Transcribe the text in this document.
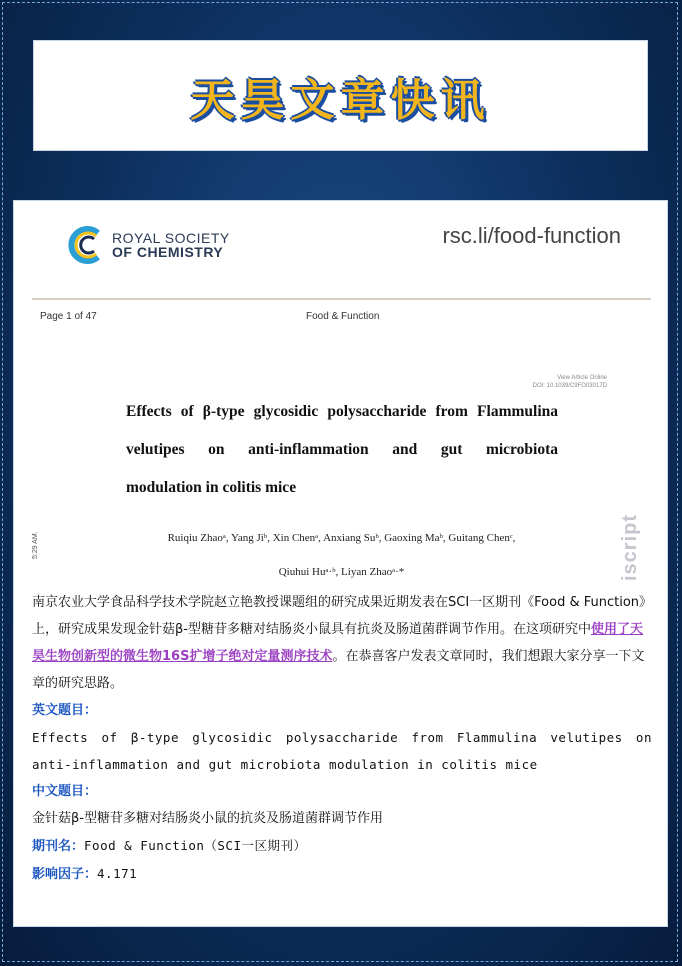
天昊文章快讯
ROYAL SOCIETY
OF CHEMISTRY
rsc.li/food-function
Page 1 of 47	Food & Function
View Article Online
DOI: 10.1039/C9FO03017D
Effects of β-type glycosidic polysaccharide from Flammulina
velutipes on anti-inflammation and gut microbiota
modulation in colitis mice
Ruiqiu Zhaoᵃ, Yang Jiᵇ, Xin Chenᵃ, Anxiang Suᵇ, Gaoxing Maᵇ, Guitang Chenᶜ,
Qiuhui Huᵃ·ᵇ, Liyan Zhaoᵃ·*
5:29 AM.	iscript

南京农业大学食品科学技术学院赵立艳教授课题组的研究成果近期发表在SCI一区期刊《Food & Function》上，研究成果发现金针菇β-型糖苷多糖对结肠炎小鼠具有抗炎及肠道菌群调节作用。在这项研究中使用了天昊生物创新型的微生物16S扩增子绝对定量测序技术。在恭喜客户发表文章同时，我们想跟大家分享一下文章的研究思路。

英文题目：

Effects of β-type glycosidic polysaccharide from Flammulina velutipes on anti-inflammation and gut microbiota modulation in colitis mice

中文题目：

金针菇β-型糖苷多糖对结肠炎小鼠的抗炎及肠道菌群调节作用

期刊名：Food & Function（SCI一区期刊）

影响因子：4.171
